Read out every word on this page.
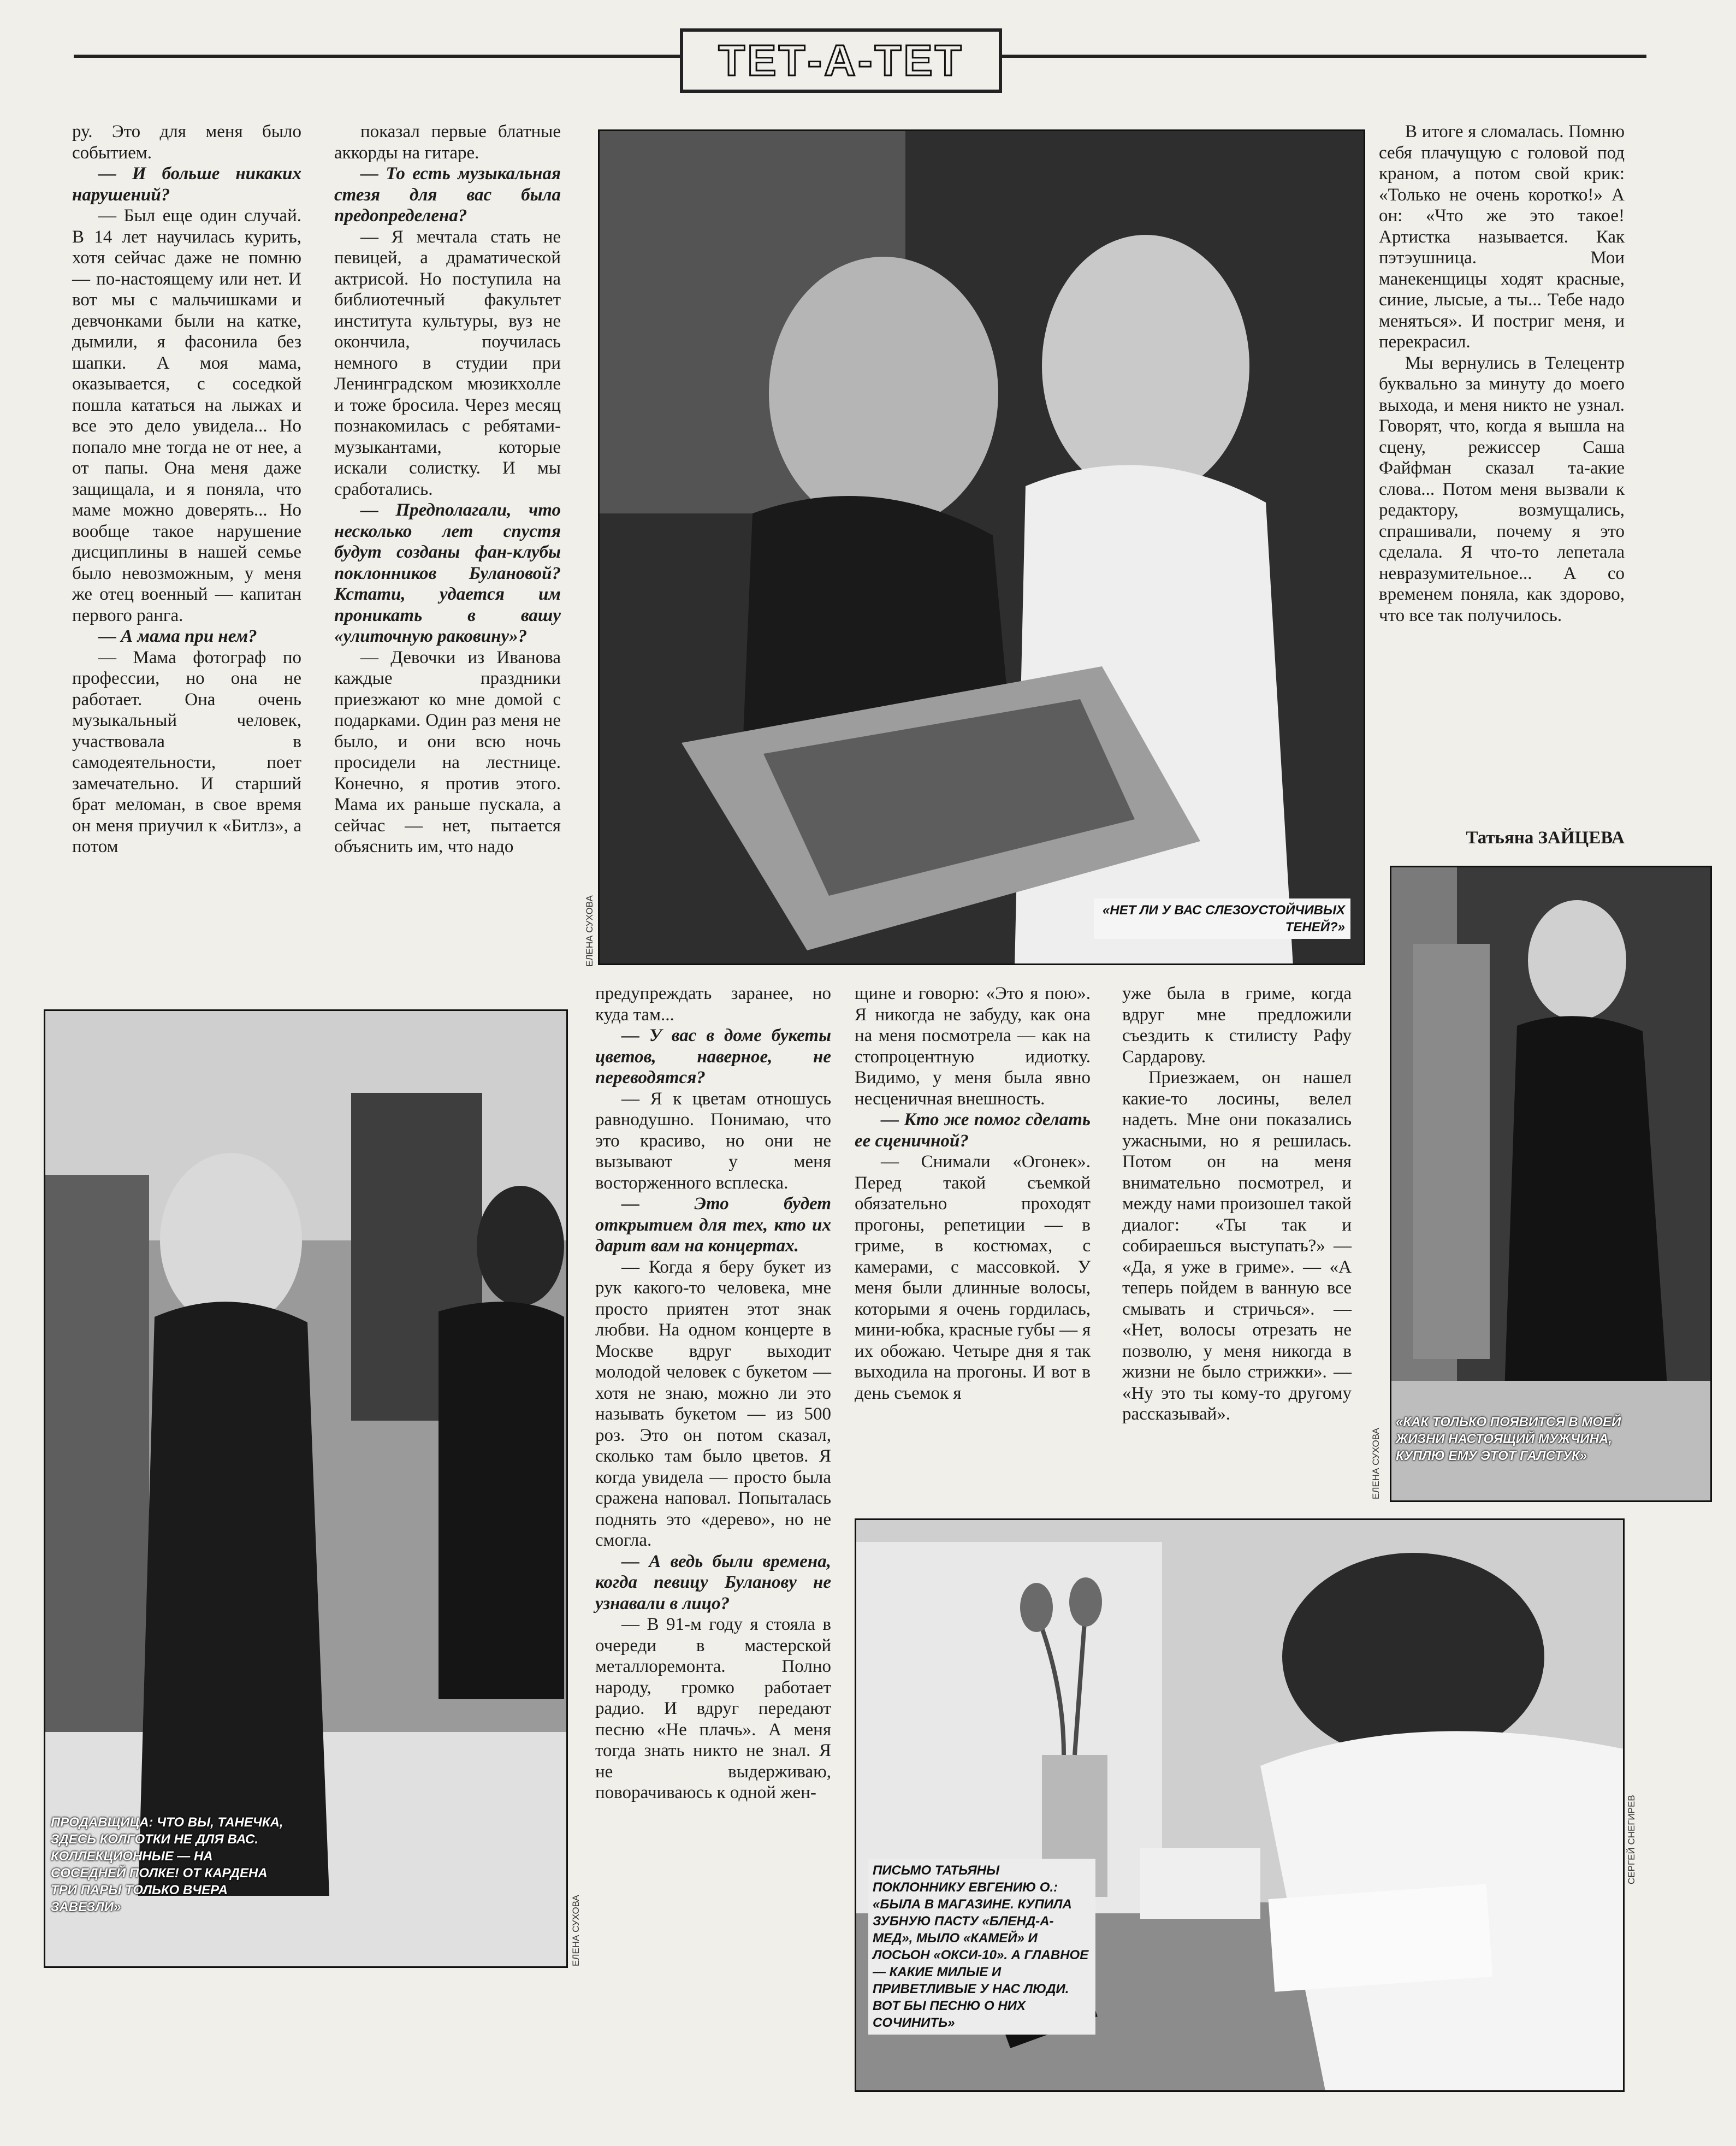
ТЕТ-А-ТЕТ

ру. Это для меня было событием.

— И больше никаких нарушений?

— Был еще один случай. В 14 лет научилась курить, хотя сейчас даже не помню — по-настоящему или нет. И вот мы с мальчишками и девчонками были на катке, дымили, я фасонила без шапки. А моя мама, оказывается, с соседкой пошла кататься на лыжах и все это дело увидела... Но попало мне тогда не от нее, а от папы. Она меня даже защищала, и я поняла, что маме можно доверять... Но вообще такое нарушение дисциплины в нашей семье было невозможным, у меня же отец военный — капитан первого ранга.

— А мама при нем?

— Мама фотограф по профессии, но она не работает. Она очень музыкальный человек, участвовала в самодеятельности, поет замечательно. И старший брат меломан, в свое время он меня приучил к «Битлз», а потом

показал первые блатные аккорды на гитаре.

— То есть музыкальная стезя для вас была предопределена?

— Я мечтала стать не певицей, а драматической актрисой. Но поступила на библиотечный факультет института культуры, вуз не окончила, поучилась немного в студии при Ленинградском мюзикхолле и тоже бросила. Через месяц познакомилась с ребятами-музыкантами, которые искали солистку. И мы сработались.

— Предполагали, что несколько лет спустя будут созданы фан-клубы поклонников Булановой? Кстати, удается им проникать в вашу «улиточную раковину»?

— Девочки из Иванова каждые праздники приезжают ко мне домой с подарками. Один раз меня не было, и они всю ночь просидели на лестнице. Конечно, я против этого. Мама их раньше пускала, а сейчас — нет, пытается объяснить им, что надо

предупреждать заранее, но куда там...

— У вас в доме букеты цветов, наверное, не переводятся?

— Я к цветам отношусь равнодушно. Понимаю, что это красиво, но они не вызывают у меня восторженного всплеска.

— Это будет открытием для тех, кто их дарит вам на концертах.

— Когда я беру букет из рук какого-то человека, мне просто приятен этот знак любви. На одном концерте в Москве вдруг выходит молодой человек с букетом — хотя не знаю, можно ли это называть букетом — из 500 роз. Это он потом сказал, сколько там было цветов. Я когда увидела — просто была сражена наповал. Попыталась поднять это «дерево», но не смогла.

— А ведь были времена, когда певицу Буланову не узнавали в лицо?

— В 91-м году я стояла в очереди в мастерской металлоремонта. Полно народу, громко работает радио. И вдруг передают песню «Не плачь». А меня тогда знать никто не знал. Я не выдерживаю, поворачиваюсь к одной жен-

щине и говорю: «Это я пою». Я никогда не забуду, как она на меня посмотрела — как на стопроцентную идиотку. Видимо, у меня была явно несценичная внешность.

— Кто же помог сделать ее сценичной?

— Снимали «Огонек». Перед такой съемкой обязательно проходят прогоны, репетиции — в гриме, в костюмах, с камерами, с массовкой. У меня были длинные волосы, которыми я очень гордилась, мини-юбка, красные губы — я их обожаю. Четыре дня я так выходила на прогоны. И вот в день съемок я

уже была в гриме, когда вдруг мне предложили съездить к стилисту Рафу Сардарову.

Приезжаем, он нашел какие-то лосины, велел надеть. Мне они показались ужасными, но я решилась. Потом он на меня внимательно посмотрел, и между нами произошел такой диалог: «Ты так и собираешься выступать?» — «Да, я уже в гриме». — «А теперь пойдем в ванную все смывать и стричься». — «Нет, волосы отрезать не позволю, у меня никогда в жизни не было стрижки». — «Ну это ты кому-то другому рассказывай».

В итоге я сломалась. Помню себя плачущую с головой под краном, а потом свой крик: «Только не очень коротко!» А он: «Что же это такое! Артистка называется. Как пэтэушница. Мои манекенщицы ходят красные, синие, лысые, а ты... Тебе надо меняться». И постриг меня, и перекрасил.

Мы вернулись в Телецентр буквально за минуту до моего выхода, и меня никто не узнал. Говорят, что, когда я вышла на сцену, режиссер Саша Файфман сказал та-акие слова... Потом меня вызвали к редактору, возмущались, спрашивали, почему я это сделала. Я что-то лепетала невразумительное... А со временем поняла, как здорово, что все так получилось.

Татьяна ЗАЙЦЕВА
«НЕТ ЛИ У ВАС СЛЕЗОУСТОЙЧИВЫХ ТЕНЕЙ?»
ЕЛЕНА СУХОВА
ПРОДАВЩИЦА: ЧТО ВЫ, ТАНЕЧКА, ЗДЕСЬ КОЛГОТКИ НЕ ДЛЯ ВАС. КОЛЛЕКЦИОННЫЕ — НА СОСЕДНЕЙ ПОЛКЕ! ОТ КАРДЕНА ТРИ ПАРЫ ТОЛЬКО ВЧЕРА ЗАВЕЗЛИ»	ЕЛЕНА СУХОВА
«КАК ТОЛЬКО ПОЯВИТСЯ В МОЕЙ ЖИЗНИ НАСТОЯЩИЙ МУЖЧИНА, КУПЛЮ ЕМУ ЭТОТ ГАЛСТУК»
ЕЛЕНА СУХОВА
ПИСЬМО ТАТЬЯНЫ ПОКЛОННИКУ ЕВГЕНИЮ О.: «БЫЛА В МАГАЗИНЕ. КУПИЛА ЗУБНУЮ ПАСТУ «БЛЕНД-А-МЕД», МЫЛО «КАМЕЙ» И ЛОСЬОН «ОКСИ-10». А ГЛАВНОЕ — КАКИЕ МИЛЫЕ И ПРИВЕТЛИВЫЕ У НАС ЛЮДИ. ВОТ БЫ ПЕСНЮ О НИХ СОЧИНИТЬ»
СЕРГЕЙ СНЕГИРЕВ
